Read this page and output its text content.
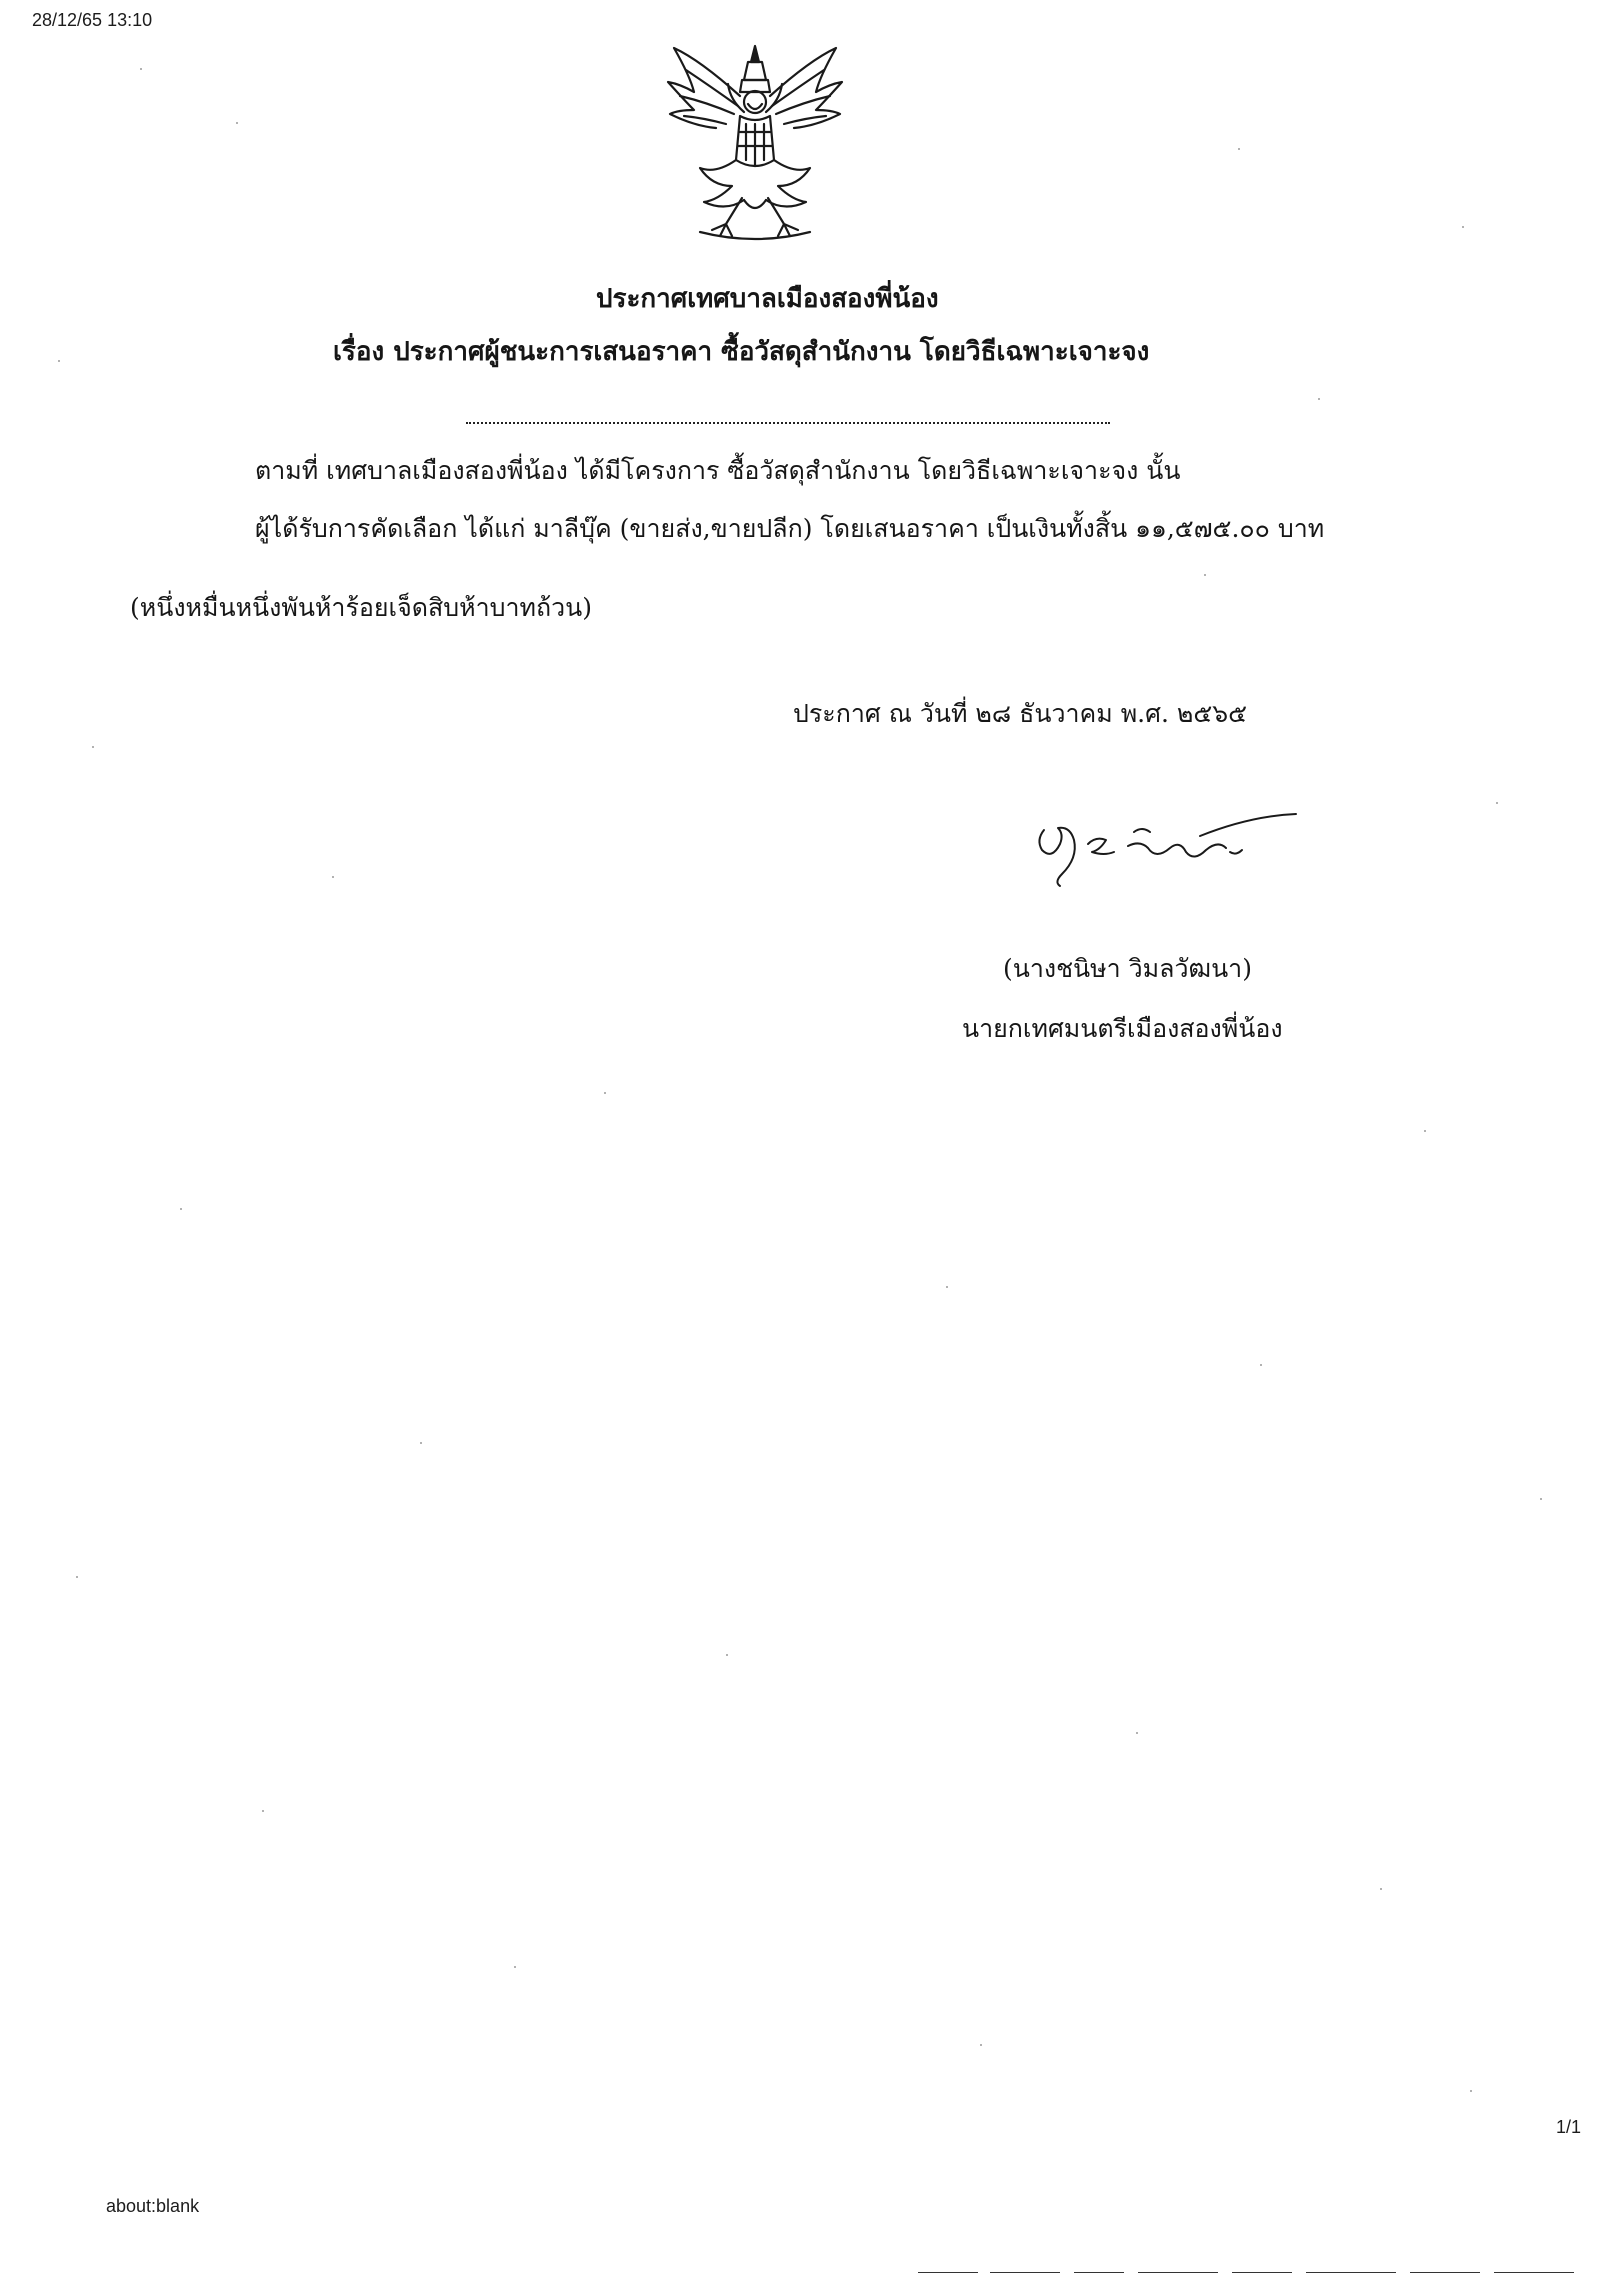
28/12/65 13:10
1/1
about:blank
ประกาศเทศบาลเมืองสองพี่น้อง
เรื่อง ประกาศผู้ชนะการเสนอราคา ซื้อวัสดุสำนักงาน โดยวิธีเฉพาะเจาะจง
ตามที่ เทศบาลเมืองสองพี่น้อง ได้มีโครงการ ซื้อวัสดุสำนักงาน โดยวิธีเฉพาะเจาะจง นั้น
ผู้ได้รับการคัดเลือก ได้แก่ มาลีบุ๊ค (ขายส่ง,ขายปลีก) โดยเสนอราคา เป็นเงินทั้งสิ้น ๑๑,๕๗๕.๐๐ บาท
(หนึ่งหมื่นหนึ่งพันห้าร้อยเจ็ดสิบห้าบาทถ้วน)
ประกาศ ณ วันที่ ๒๘ ธันวาคม พ.ศ. ๒๕๖๕
(นางชนิษา วิมลวัฒนา)
นายกเทศมนตรีเมืองสองพี่น้อง
